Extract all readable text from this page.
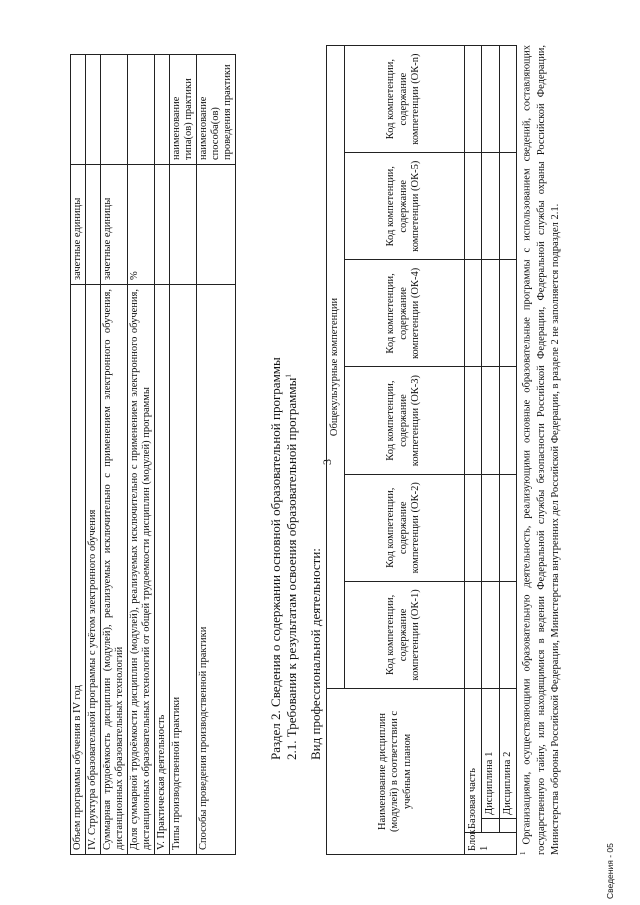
3
Объем программы обучения в IV год	зачетные единицы	
IV. Структура образовательной программы с учётом электронного обучения		
Суммарная трудоёмкость дисциплин (модулей), реализуемых исключительно с применением электронного обучения, дистанционных образовательных технологий	зачетные единицы	
Доля суммарной трудоёмкости дисциплин (модулей), реализуемых исключительно с применением электронного обучения, дистанционных образовательных технологий от общей трудоемкости дисциплин (модулей) программы	%	
V. Практическая деятельность		
Типы производственной практики		наименование типа(ов) практики
Способы проведения производственной практики		наименование способа(ов) проведения практики
Раздел 2. Сведения о содержании основной образовательной программы 2.1. Требования к результатам освоения образовательной программы$^1$
Вид профессиональной деятельности:
Наименование дисциплин (модулей) в соответствии с учебным планом			Общекультурные компетенции					
			Код компетенции, содержание компетенции (ОК-1)	Код компетенции, содержание компетенции (ОК-2)	Код компетенции, содержание компетенции (ОК-3)	Код компетенции, содержание компетенции (ОК-4)	Код компетенции, содержание компетенции (ОК-5)	Код компетенции, содержание компетенции (ОК-n)
Блок 1	Базовая часть							
		Дисциплина 1						
		Дисциплина 2						
$^1$ Организациями, осуществляющими образовательную деятельность, реализующими основные образовательные программы с использованием сведений, составляющих государственную тайну, или находящимися в ведении Федеральной службы безопасности Российской Федерации, Федеральной службы охраны Российской Федерации, Министерства обороны Российской Федерации, Министерства внутренних дел Российской Федерации, в разделе 2 не заполняется подраздел 2.1.
Сведения - 05
